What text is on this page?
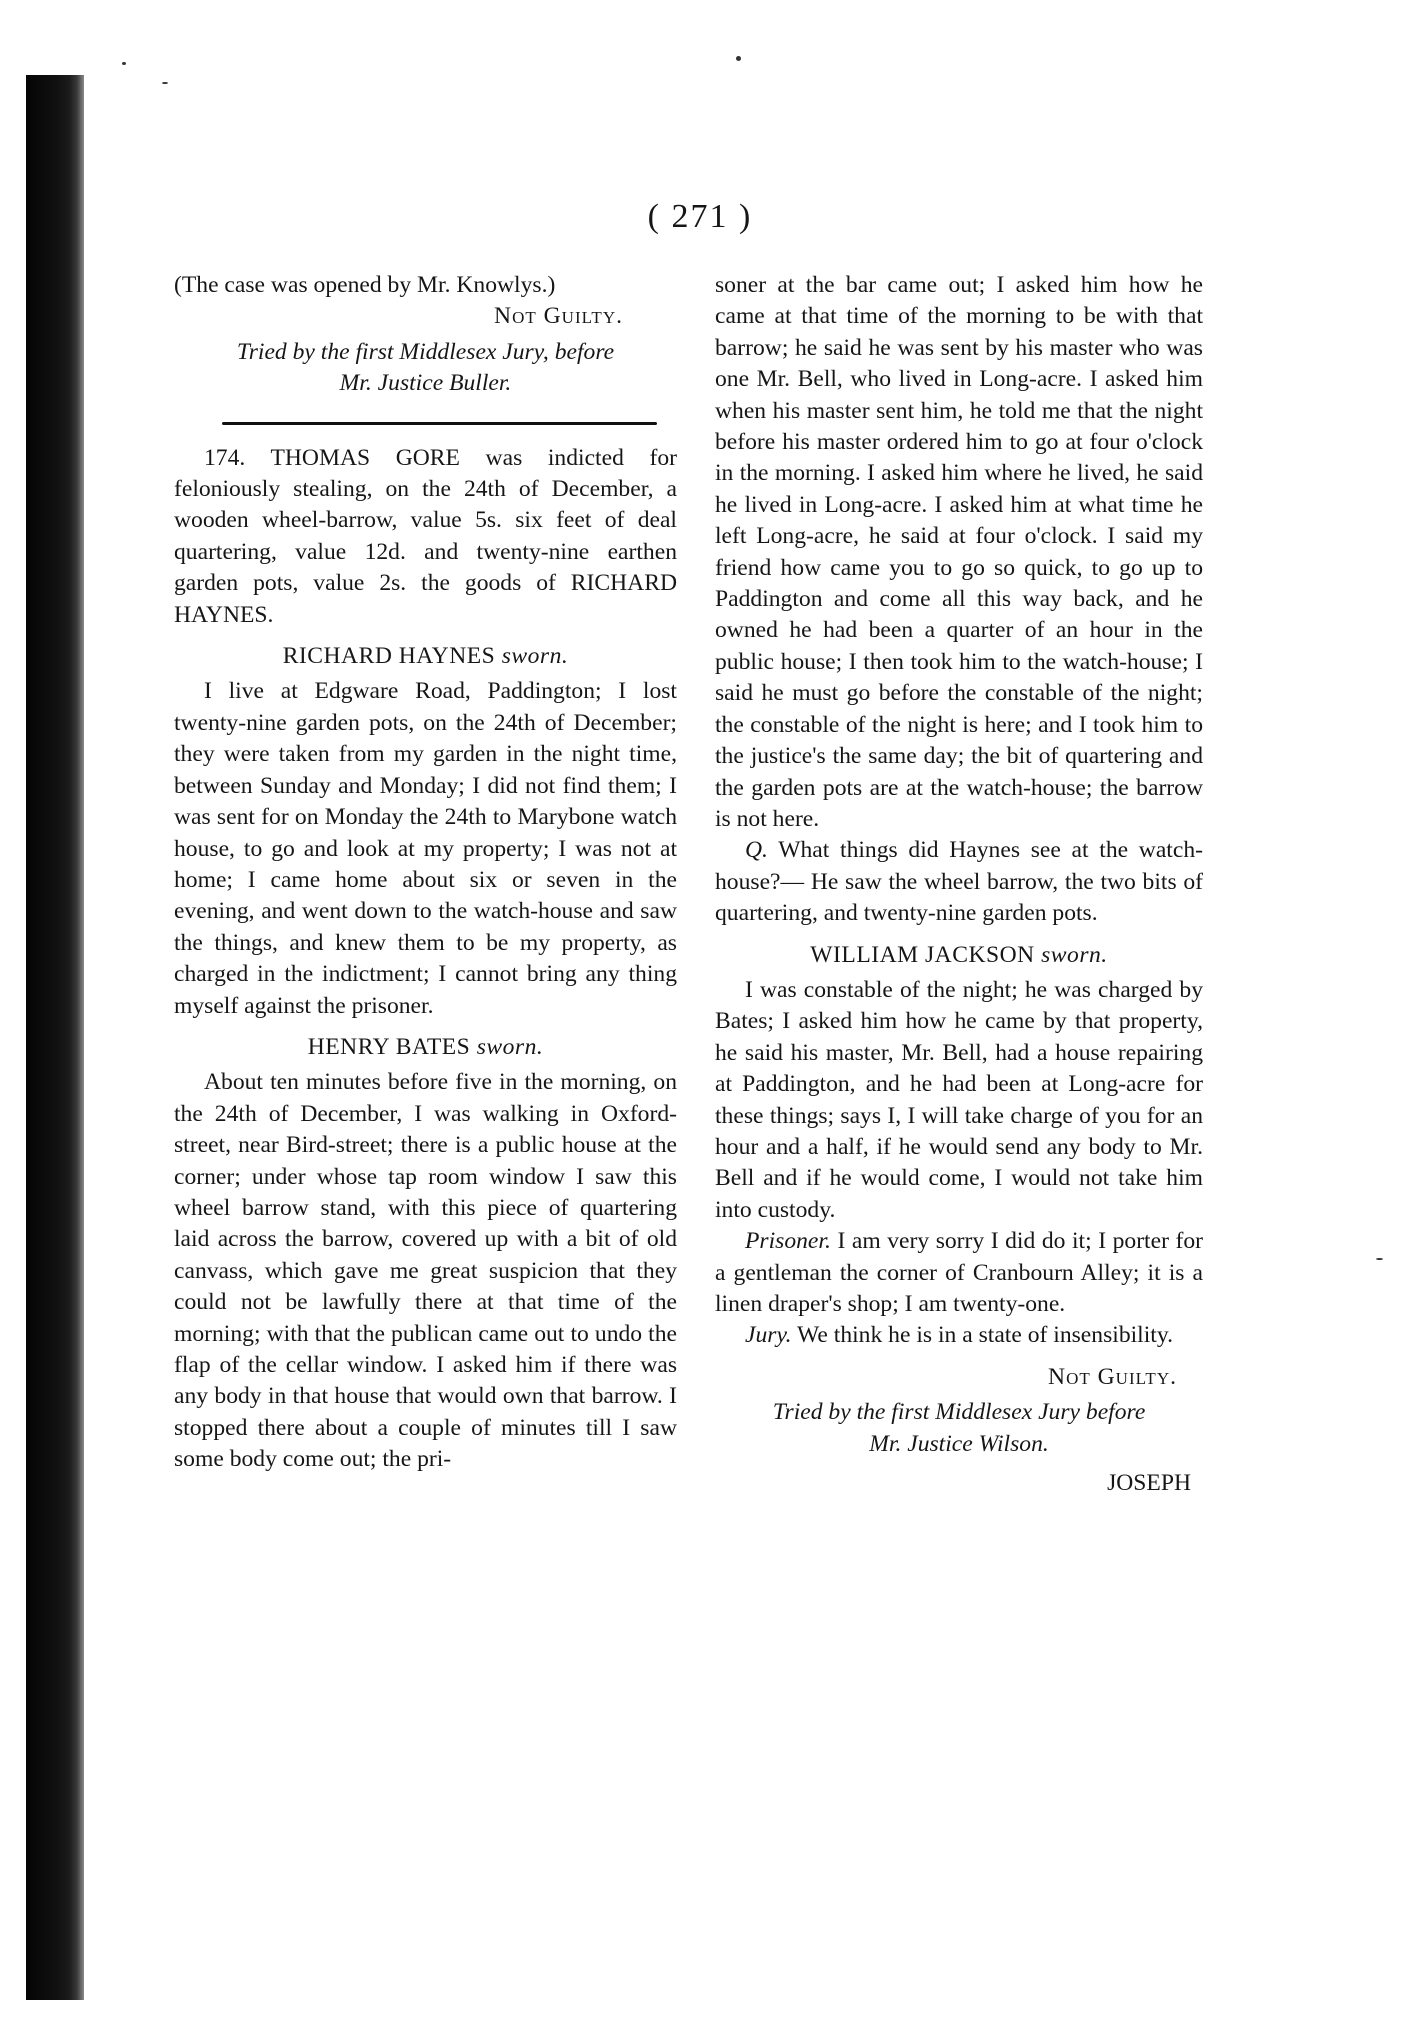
( 271 )

(The case was opened by Mr. Knowlys.)

Not Guilty.

Tried by the first Middlesex Jury, before

Mr. Justice Buller.

174. THOMAS GORE was indicted for feloniously stealing, on the 24th of December, a wooden wheel-barrow, value 5s. six feet of deal quartering, value 12d. and twenty-nine earthen garden pots, value 2s. the goods of RICHARD HAYNES.

RICHARD HAYNES sworn.

I live at Edgware Road, Paddington; I lost twenty-nine garden pots, on the 24th of December; they were taken from my garden in the night time, between Sunday and Monday; I did not find them; I was sent for on Monday the 24th to Marybone watch house, to go and look at my property; I was not at home; I came home about six or seven in the evening, and went down to the watch-house and saw the things, and knew them to be my property, as charged in the indictment; I cannot bring any thing myself against the prisoner.

HENRY BATES sworn.

About ten minutes before five in the morning, on the 24th of December, I was walking in Oxford-street, near Bird-street; there is a public house at the corner; under whose tap room window I saw this wheel barrow stand, with this piece of quartering laid across the barrow, covered up with a bit of old canvass, which gave me great suspicion that they could not be lawfully there at that time of the morning; with that the publican came out to undo the flap of the cellar window. I asked him if there was any body in that house that would own that barrow. I stopped there about a couple of minutes till I saw some body come out; the pri-

soner at the bar came out; I asked him how he came at that time of the morning to be with that barrow; he said he was sent by his master who was one Mr. Bell, who lived in Long-acre. I asked him when his master sent him, he told me that the night before his master ordered him to go at four o'clock in the morning. I asked him where he lived, he said he lived in Long-acre. I asked him at what time he left Long-acre, he said at four o'clock. I said my friend how came you to go so quick, to go up to Paddington and come all this way back, and he owned he had been a quarter of an hour in the public house; I then took him to the watch-house; I said he must go before the constable of the night; the constable of the night is here; and I took him to the justice's the same day; the bit of quartering and the garden pots are at the watch-house; the barrow is not here.

Q. What things did Haynes see at the watch-house?— He saw the wheel barrow, the two bits of quartering, and twenty-nine garden pots.

WILLIAM JACKSON sworn.

I was constable of the night; he was charged by Bates; I asked him how he came by that property, he said his master, Mr. Bell, had a house repairing at Paddington, and he had been at Long-acre for these things; says I, I will take charge of you for an hour and a half, if he would send any body to Mr. Bell and if he would come, I would not take him into custody.

Prisoner. I am very sorry I did do it; I porter for a gentleman the corner of Cranbourn Alley; it is a linen draper's shop; I am twenty-one.

Jury. We think he is in a state of insensibility.

Not Guilty.

Tried by the first Middlesex Jury before

Mr. Justice Wilson.

JOSEPH
